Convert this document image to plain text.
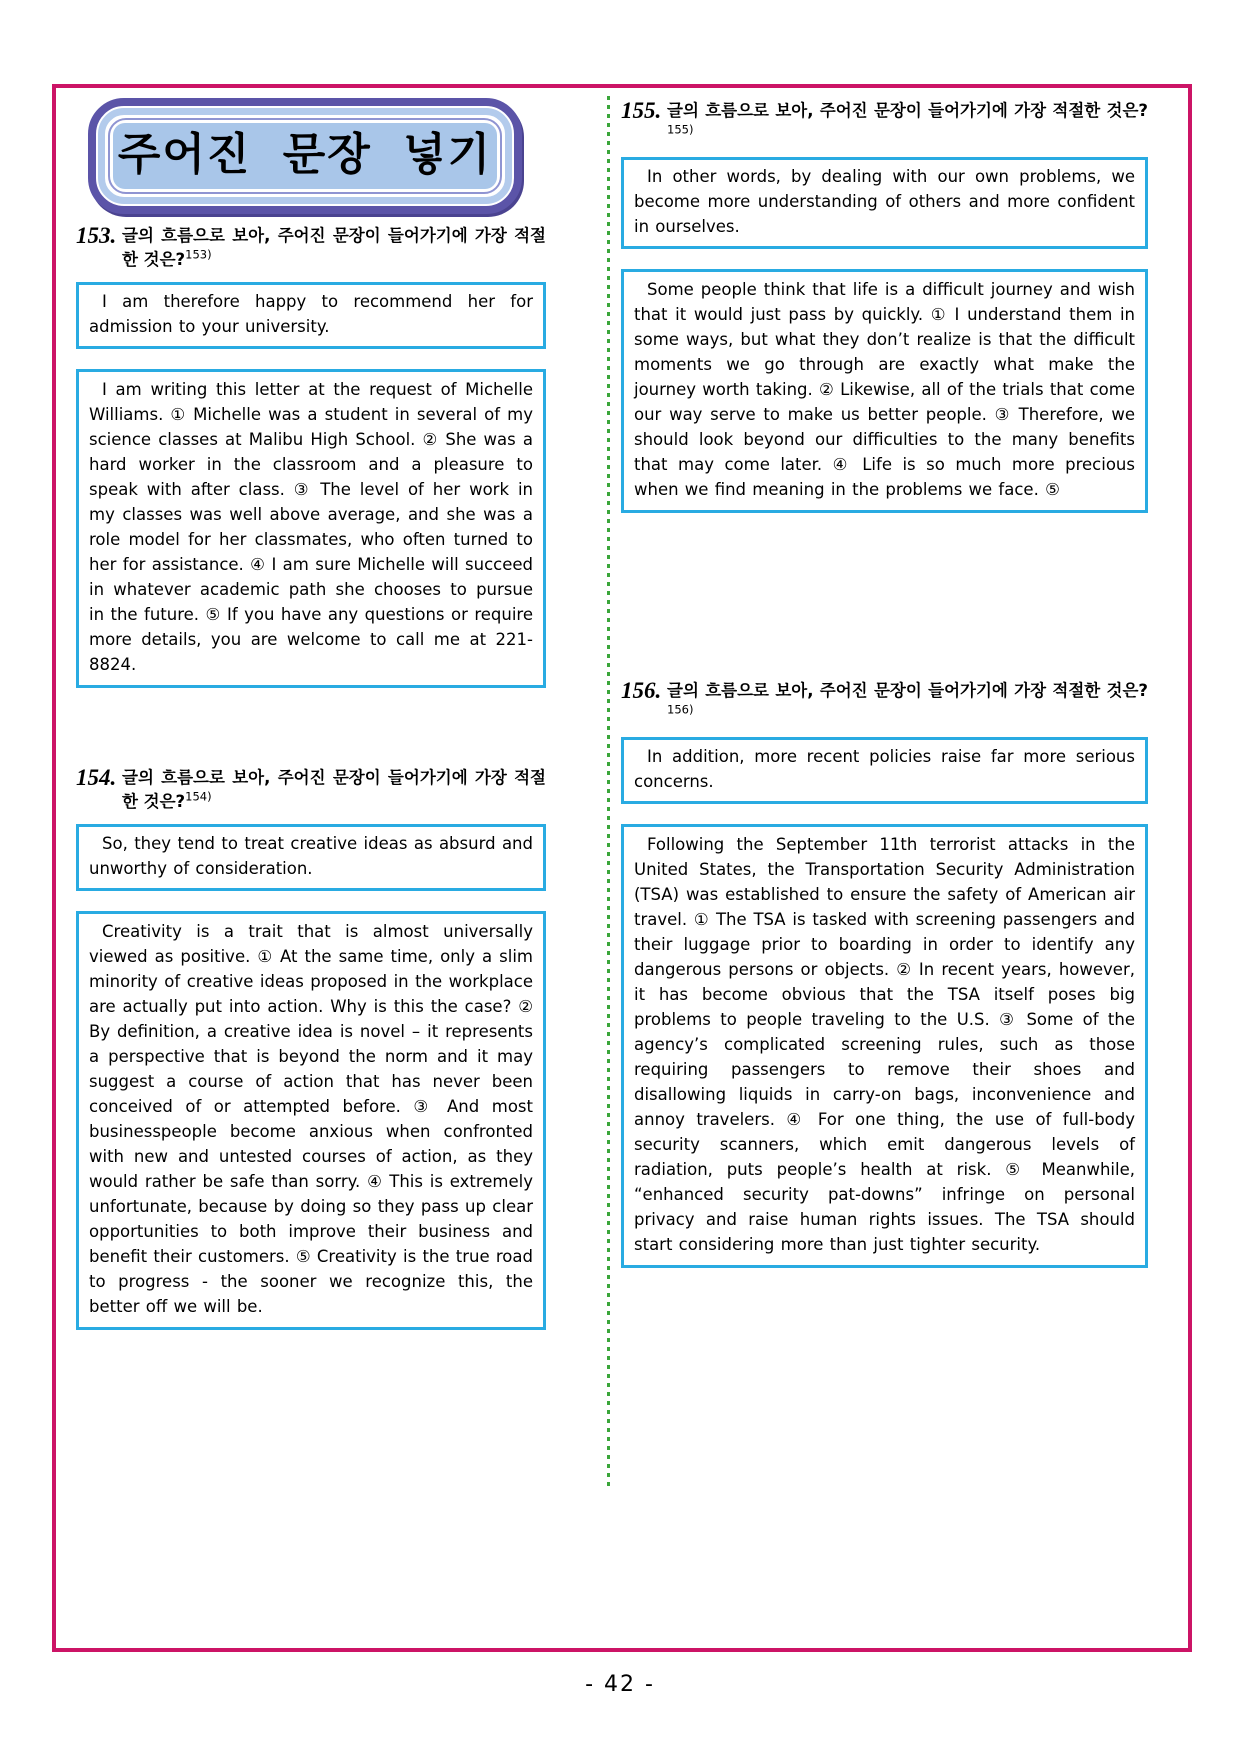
주어진 문장 넣기
153. 글의 흐름으로 보아, 주어진 문장이 들어가기에 가장 적절한 것은?$^{153)}$
I am therefore happy to recommend her for admission to your university.
I am writing this letter at the request of Michelle Williams. ① Michelle was a student in several of my science classes at Malibu High School. ② She was a hard worker in the classroom and a pleasure to speak with after class. ③ The level of her work in my classes was well above average, and she was a role model for her classmates, who often turned to her for assistance. ④ I am sure Michelle will succeed in whatever academic path she chooses to pursue in the future. ⑤ If you have any questions or require more details, you are welcome to call me at 221-8824.
154. 글의 흐름으로 보아, 주어진 문장이 들어가기에 가장 적절한 것은?$^{154)}$
So, they tend to treat creative ideas as absurd and unworthy of consideration.
Creativity is a trait that is almost universally viewed as positive. ① At the same time, only a slim minority of creative ideas proposed in the workplace are actually put into action. Why is this the case? ② By definition, a creative idea is novel – it represents a perspective that is beyond the norm and it may suggest a course of action that has never been conceived of or attempted before. ③ And most businesspeople become anxious when confronted with new and untested courses of action, as they would rather be safe than sorry. ④ This is extremely unfortunate, because by doing so they pass up clear opportunities to both improve their business and benefit their customers. ⑤ Creativity is the true road to progress - the sooner we recognize this, the better off we will be.
155. 글의 흐름으로 보아, 주어진 문장이 들어가기에 가장 적절한 것은?$^{155)}$
In other words, by dealing with our own problems, we become more understanding of others and more confident in ourselves.
Some people think that life is a difficult journey and wish that it would just pass by quickly. ① I understand them in some ways, but what they don’t realize is that the difficult moments we go through are exactly what make the journey worth taking. ② Likewise, all of the trials that come our way serve to make us better people. ③ Therefore, we should look beyond our difficulties to the many benefits that may come later. ④ Life is so much more precious when we find meaning in the problems we face. ⑤
156. 글의 흐름으로 보아, 주어진 문장이 들어가기에 가장 적절한 것은?$^{156)}$
In addition, more recent policies raise far more serious concerns.
Following the September 11th terrorist attacks in the United States, the Transportation Security Administration (TSA) was established to ensure the safety of American air travel. ① The TSA is tasked with screening passengers and their luggage prior to boarding in order to identify any dangerous persons or objects. ② In recent years, however, it has become obvious that the TSA itself poses big problems to people traveling to the U.S. ③ Some of the agency’s complicated screening rules, such as those requiring passengers to remove their shoes and disallowing liquids in carry-on bags, inconvenience and annoy travelers. ④ For one thing, the use of full-body security scanners, which emit dangerous levels of radiation, puts people’s health at risk. ⑤ Meanwhile, “enhanced security pat-downs” infringe on personal privacy and raise human rights issues. The TSA should start considering more than just tighter security.
- 42 -
